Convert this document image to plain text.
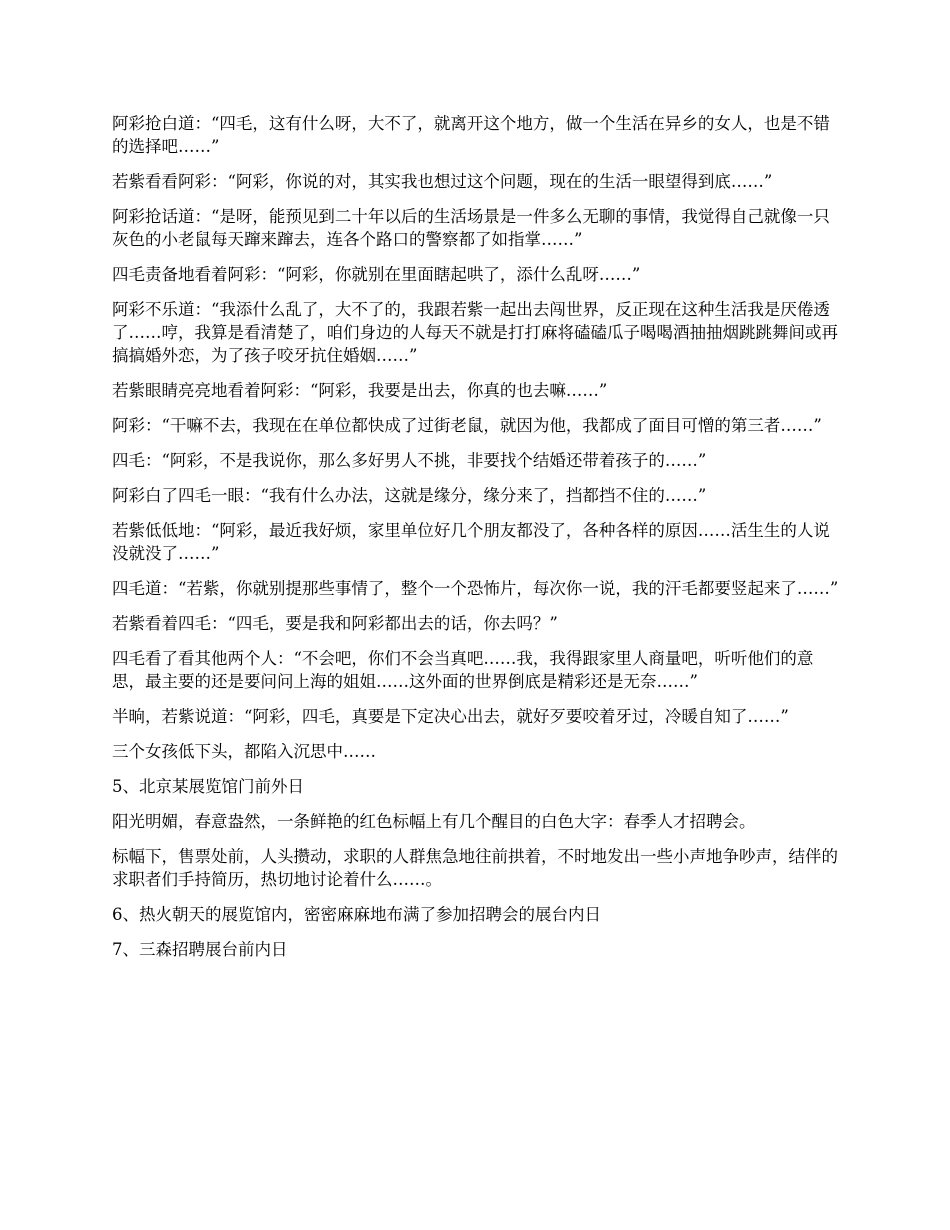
阿彩抢白道：“四毛，这有什么呀，大不了，就离开这个地方，做一个生活在异乡的女人，也是不错的选择吧……”

若紫看看阿彩：“阿彩，你说的对，其实我也想过这个问题，现在的生活一眼望得到底……”

阿彩抢话道：“是呀，能预见到二十年以后的生活场景是一件多么无聊的事情，我觉得自己就像一只灰色的小老鼠每天蹿来蹿去，连各个路口的警察都了如指掌……”

四毛责备地看着阿彩：“阿彩，你就别在里面瞎起哄了，添什么乱呀……”

阿彩不乐道：“我添什么乱了，大不了的，我跟若紫一起出去闯世界，反正现在这种生活我是厌倦透了……哼，我算是看清楚了，咱们身边的人每天不就是打打麻将磕磕瓜子喝喝酒抽抽烟跳跳舞间或再搞搞婚外恋，为了孩子咬牙抗住婚姻……”

若紫眼睛亮亮地看着阿彩：“阿彩，我要是出去，你真的也去嘛……”

阿彩：“干嘛不去，我现在在单位都快成了过街老鼠，就因为他，我都成了面目可憎的第三者……”

四毛：“阿彩，不是我说你，那么多好男人不挑，非要找个结婚还带着孩子的……”

阿彩白了四毛一眼：“我有什么办法，这就是缘分，缘分来了，挡都挡不住的……”

若紫低低地：“阿彩，最近我好烦，家里单位好几个朋友都没了，各种各样的原因……活生生的人说没就没了……”

四毛道：“若紫，你就别提那些事情了，整个一个恐怖片，每次你一说，我的汗毛都要竖起来了……”

若紫看着四毛：“四毛，要是我和阿彩都出去的话，你去吗？”

四毛看了看其他两个人：“不会吧，你们不会当真吧……我，我得跟家里人商量吧，听听他们的意思，最主要的还是要问问上海的姐姐……这外面的世界倒底是精彩还是无奈……”

半晌，若紫说道：“阿彩，四毛，真要是下定决心出去，就好歹要咬着牙过，冷暖自知了……”

三个女孩低下头，都陷入沉思中……

5、北京某展览馆门前外日

阳光明媚，春意盎然，一条鲜艳的红色标幅上有几个醒目的白色大字：春季人才招聘会。

标幅下，售票处前，人头攒动，求职的人群焦急地往前拱着，不时地发出一些小声地争吵声，结伴的求职者们手持简历，热切地讨论着什么……。

6、热火朝天的展览馆内，密密麻麻地布满了参加招聘会的展台内日

7、三森招聘展台前内日
